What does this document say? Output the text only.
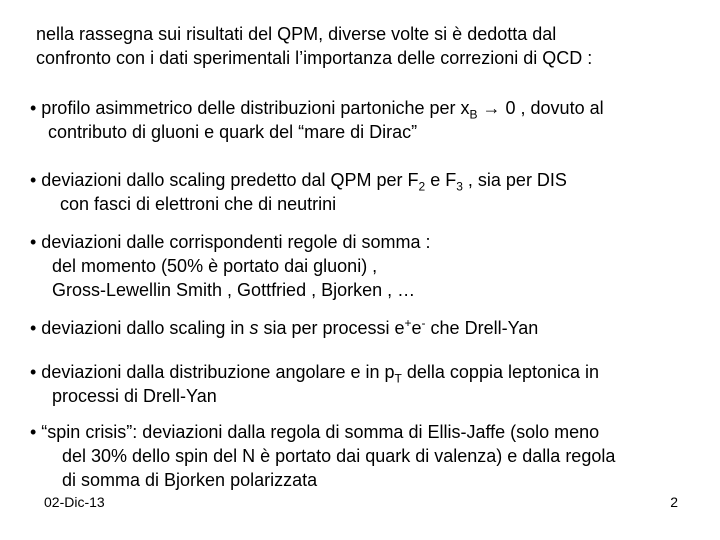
nella rassegna sui risultati del QPM, diverse volte si è dedotta dal
confronto con i dati sperimentali l’importanza delle correzioni di QCD :
• profilo asimmetrico delle distribuzioni partoniche per $x_B \to 0$ , dovuto al
contributo di gluoni e quark del “mare di Dirac”
• deviazioni dallo scaling predetto dal QPM per $F_2$ e $F_3$ , sia per DIS
con fasci di elettroni che di neutrini
• deviazioni dalle corrispondenti regole di somma :
del momento (50% è portato dai gluoni) ,
Gross-Lewellin Smith , Gottfried , Bjorken , …
• deviazioni dallo scaling in s sia per processi e+e- che Drell-Yan
• deviazioni dalla distribuzione angolare e in $p_T$ della coppia leptonica in
processi di Drell-Yan
• “spin crisis”: deviazioni dalla regola di somma di Ellis-Jaffe (solo meno
del 30% dello spin del N è portato dai quark di valenza) e dalla regola
di somma di Bjorken polarizzata
02-Dic-13	2
